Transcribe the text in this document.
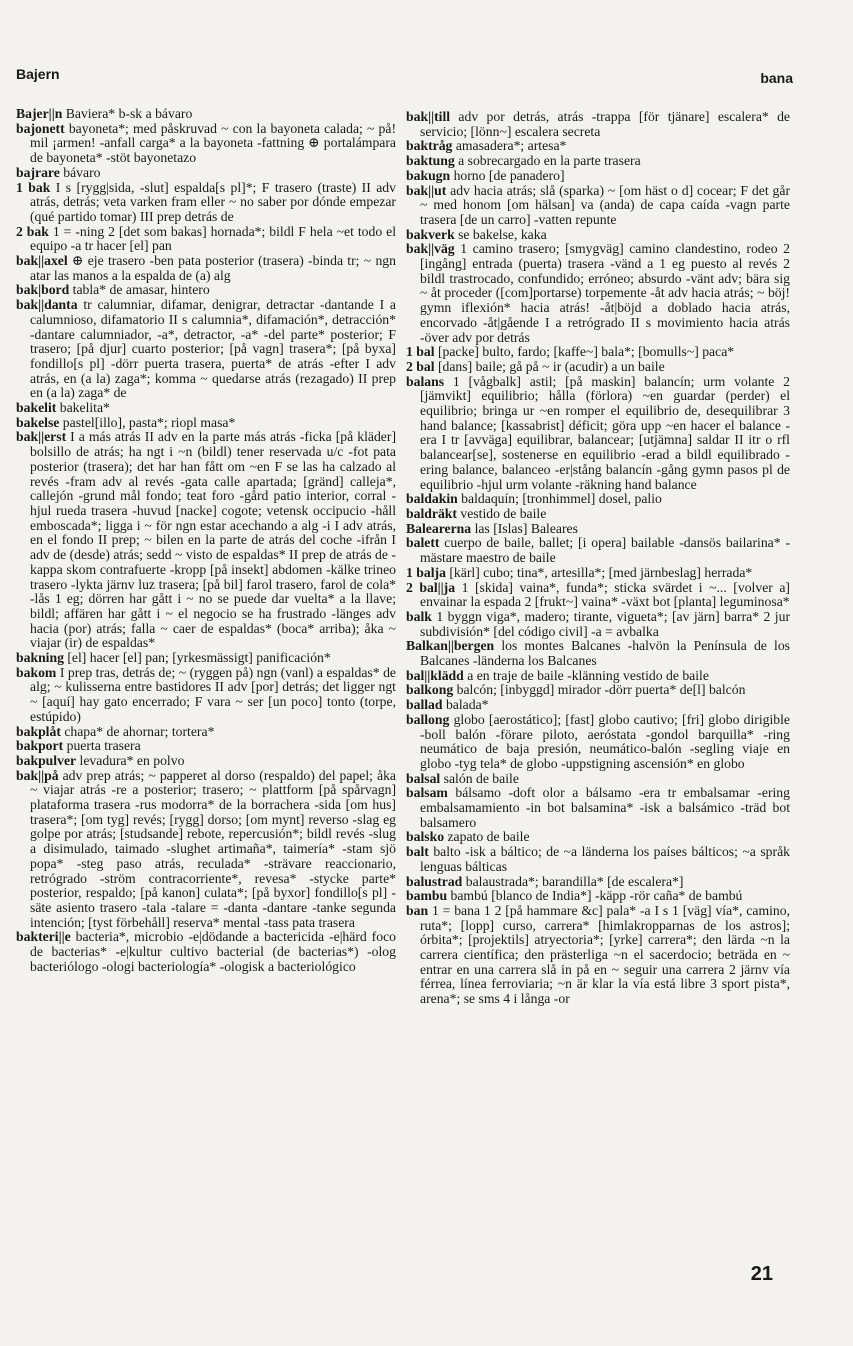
Bajern	bana

Bajer||n Baviera* b-sk a bávaro

bajonett bayoneta*; med påskruvad ~ con la bayoneta calada; ~ på! mil ¡armen! -anfall carga* a la bayoneta -fattning ⊕ portalámpara de bayoneta* -stöt bayonetazo

bajrare bávaro

1 bak I s [rygg|sida, -slut] espalda[s pl]*; F trasero (traste) II adv atrás, detrás; veta varken fram eller ~ no saber por dónde empezar (qué partido tomar) III prep detrás de

2 bak 1 = -ning 2 [det som bakas] hornada*; bildl F hela ~et todo el equipo -a tr hacer [el] pan

bak||axel ⊕ eje trasero -ben pata posterior (trasera) -binda tr; ~ ngn atar las manos a la espalda de (a) alg

bak|bord tabla* de amasar, hintero

bak||danta tr calumniar, difamar, denigrar, detractar -dantande I a calumnioso, difamatorio II s calumnia*, difamación*, detracción* -dantare calumniador, -a*, detractor, -a* -del parte* posterior; F trasero; [på djur] cuarto posterior; [på vagn] trasera*; [på byxa] fondillo[s pl] -dörr puerta trasera, puerta* de atrás -efter I adv atrás, en (a la) zaga*; komma ~ quedarse atrás (rezagado) II prep en (a la) zaga* de

bakelit bakelita*

bakelse pastel[illo], pasta*; riopl masa*

bak||erst I a más atrás II adv en la parte más atrás -ficka [på kläder] bolsillo de atrás; ha ngt i ~n (bildl) tener reservada u/c -fot pata posterior (trasera); det har han fått om ~en F se las ha calzado al revés -fram adv al revés -gata calle apartada; [gränd] calleja*, callejón -grund mål fondo; teat foro -gård patio interior, corral -hjul rueda trasera -huvud [nacke] cogote; vetensk occipucio -håll emboscada*; ligga i ~ för ngn estar acechando a alg -i I adv atrás, en el fondo II prep; ~ bilen en la parte de atrás del coche -ifrån I adv de (desde) atrás; sedd ~ visto de espaldas* II prep de atrás de -kappa skom contrafuerte -kropp [på insekt] abdomen -kälke trineo trasero -lykta järnv luz trasera; [på bil] farol trasero, farol de cola* -lås 1 eg; dörren har gått i ~ no se puede dar vuelta* a la llave; bildl; affären har gått i ~ el negocio se ha frustrado -länges adv hacia (por) atrás; falla ~ caer de espaldas* (boca* arriba); åka ~ viajar (ir) de espaldas*

bakning [el] hacer [el] pan; [yrkesmässigt] panificación*

bakom I prep tras, detrás de; ~ (ryggen på) ngn (vanl) a espaldas* de alg; ~ kulisserna entre bastidores II adv [por] detrás; det ligger ngt ~ [aquí] hay gato encerrado; F vara ~ ser [un poco] tonto (torpe, estúpido)

bakplåt chapa* de ahornar; tortera*

bakport puerta trasera

bakpulver levadura* en polvo

bak||på adv prep atrás; ~ papperet al dorso (respaldo) del papel; åka ~ viajar atrás -re a posterior; trasero; ~ plattform [på spårvagn] plataforma trasera -rus modorra* de la borrachera -sida [om hus] trasera*; [om tyg] revés; [rygg] dorso; [om mynt] reverso -slag eg golpe por atrás; [studsande] rebote, repercusión*; bildl revés -slug a disimulado, taimado -slughet artimaña*, taimería* -stam sjö popa* -steg paso atrás, reculada* -strävare reaccionario, retrógrado -ström contracorriente*, revesa* -stycke parte* posterior, respaldo; [på kanon] culata*; [på byxor] fondillo[s pl] -säte asiento trasero -tala -talare = -danta -dantare -tanke segunda intención; [tyst förbehåll] reserva* mental -tass pata trasera

bakteri||e bacteria*, microbio -e|dödande a bactericida -e|härd foco de bacterias* -e|kultur cultivo bacterial (de bacterias*) -olog bacteriólogo -ologi bacteriología* -ologisk a bacteriológico

bak||till adv por detrás, atrás -trappa [för tjänare] escalera* de servicio; [lönn~] escalera secreta

baktråg amasadera*; artesa*

baktung a sobrecargado en la parte trasera

bakugn horno [de panadero]

bak||ut adv hacia atrás; slå (sparka) ~ [om häst o d] cocear; F det går ~ med honom [om hälsan] va (anda) de capa caída -vagn parte trasera [de un carro] -vatten repunte

bakverk se bakelse, kaka

bak||väg 1 camino trasero; [smygväg] camino clandestino, rodeo 2 [ingång] entrada (puerta) trasera -vänd a 1 eg puesto al revés 2 bildl trastrocado, confundido; erróneo; absurdo -vänt adv; bära sig ~ åt proceder ([com]portarse) torpemente -åt adv hacia atrás; ~ böj! gymn iflexión* hacia atrás! -åt|böjd a doblado hacia atrás, encorvado -åt|gående I a retrógrado II s movimiento hacia atrás -över adv por detrás

1 bal [packe] bulto, fardo; [kaffe~] bala*; [bomulls~] paca*

2 bal [dans] baile; gå på ~ ir (acudir) a un baile

balans 1 [vågbalk] astil; [på maskin] balancín; urm volante 2 [jämvikt] equilibrio; hålla (förlora) ~en guardar (perder) el equilibrio; bringa ur ~en romper el equilibrio de, desequilibrar 3 hand balance; [kassabrist] déficit; göra upp ~en hacer el balance -era I tr [avväga] equilibrar, balancear; [utjämna] saldar II itr o rfl balancear[se], sostenerse en equilibrio -erad a bildl equilibrado -ering balance, balanceo -er|stång balancín -gång gymn pasos pl de equilibrio -hjul urm volante -räkning hand balance

baldakin baldaquín; [tronhimmel] dosel, palio

baldräkt vestido de baile

Balearerna las [Islas] Baleares

balett cuerpo de baile, ballet; [i opera] bailable -dansös bailarina* -mästare maestro de baile

1 balja [kärl] cubo; tina*, artesilla*; [med järnbeslag] herrada*

2 bal||ja 1 [skida] vaina*, funda*; sticka svärdet i ~... [volver a] envainar la espada 2 [frukt~] vaina* -växt bot [planta] leguminosa*

balk 1 byggn viga*, madero; tirante, vigueta*; [av järn] barra* 2 jur subdivisión* [del código civil] -a = avbalka

Balkan||bergen los montes Balcanes -halvön la Península de los Balcanes -länderna los Balcanes

bal||klädd a en traje de baile -klänning vestido de baile

balkong balcón; [inbyggd] mirador -dörr puerta* de[l] balcón

ballad balada*

ballong globo [aerostático]; [fast] globo cautivo; [fri] globo dirigible -boll balón -förare piloto, aeróstata -gondol barquilla* -ring neumático de baja presión, neumático-balón -segling viaje en globo -tyg tela* de globo -uppstigning ascensión* en globo

balsal salón de baile

balsam bálsamo -doft olor a bálsamo -era tr embalsamar -ering embalsamamiento -in bot balsamina* -isk a balsámico -träd bot balsamero

balsko zapato de baile

balt balto -isk a báltico; de ~a länderna los países bálticos; ~a språk lenguas bálticas

balustrad balaustrada*; barandilla* [de escalera*]

bambu bambú [blanco de India*] -käpp -rör caña* de bambú

ban 1 = bana 1 2 [på hammare &c] pala* -a I s 1 [väg] vía*, camino, ruta*; [lopp] curso, carrera* [himlakropparnas de los astros]; órbita*; [projektils] atryectoria*; [yrke] carrera*; den lärda ~n la carrera científica; den prästerliga ~n el sacerdocio; beträda en ~ entrar en una carrera slå in på en ~ seguir una carrera 2 järnv vía férrea, línea ferroviaria; ~n är klar la vía está libre 3 sport pista*, arena*; se sms 4 i långa -or

21
